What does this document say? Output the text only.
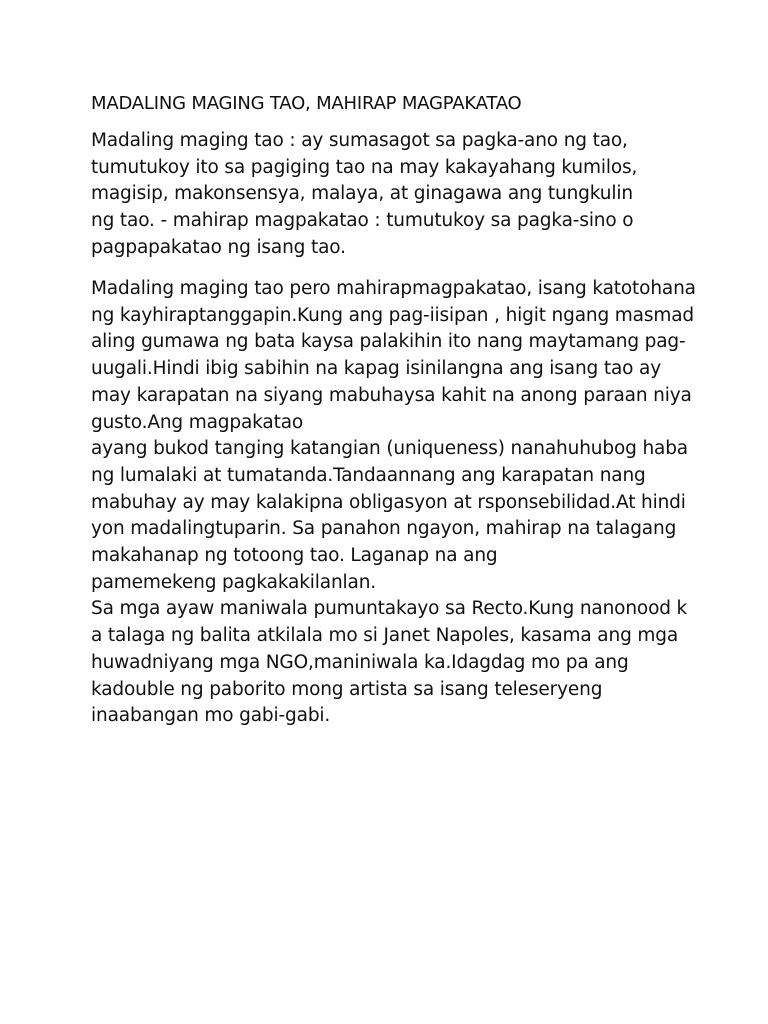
MADALING MAGING TAO, MAHIRAP MAGPAKATAO
Madaling maging tao : ay sumasagot sa pagka-ano ng tao,
tumutukoy ito sa pagiging tao na may kakayahang kumilos,
magisip, makonsensya, malaya, at ginagawa ang tungkulin
ng tao. - mahirap magpakatao : tumutukoy sa pagka-sino o
pagpapakatao ng isang tao.
Madaling maging tao pero mahirapmagpakatao, isang katotohana
ng kayhiraptanggapin.Kung ang pag-iisipan , higit ngang masmad
aling gumawa ng bata kaysa palakihin ito nang maytamang pag-
uugali.Hindi ibig sabihin na kapag isinilangna ang isang tao ay
may karapatan na siyang mabuhaysa kahit na anong paraan niya
gusto.Ang magpakatao
ayang bukod tanging katangian (uniqueness) nanahuhubog haba
ng lumalaki at tumatanda.Tandaannang ang karapatan nang
mabuhay ay may kalakipna obligasyon at rsponsebilidad.At hindi
yon madalingtuparin. Sa panahon ngayon, mahirap na talagang
makahanap ng totoong tao. Laganap na ang
pamemekeng pagkakakilanlan.
Sa mga ayaw maniwala pumuntakayo sa Recto.Kung nanonood k
a talaga ng balita atkilala mo si Janet Napoles, kasama ang mga
huwadniyang mga NGO,maniniwala ka.Idagdag mo pa ang
kadouble ng paborito mong artista sa isang teleseryeng
inaabangan mo gabi-gabi.
